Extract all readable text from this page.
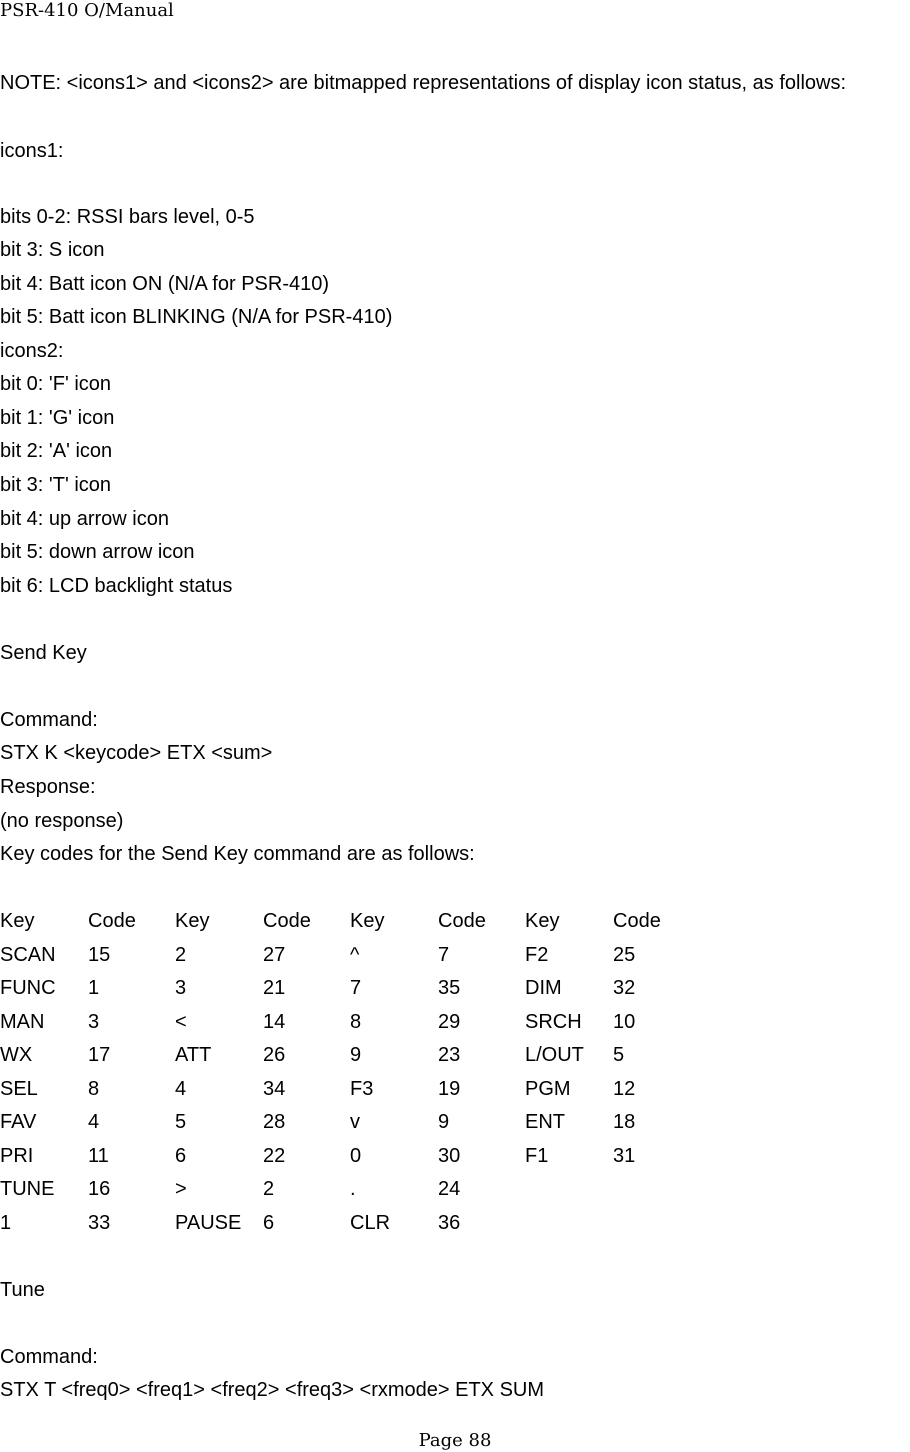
PSR-410 O/Manual
NOTE: <icons1> and <icons2> are bitmapped representations of display icon status, as follows:
icons1:
bits 0-2: RSSI bars level, 0-5
bit 3: S icon
bit 4: Batt icon ON (N/A for PSR-410)
bit 5: Batt icon BLINKING (N/A for PSR-410)
icons2:
bit 0: 'F' icon
bit 1: 'G' icon
bit 2: 'A' icon
bit 3: 'T' icon
bit 4: up arrow icon
bit 5: down arrow icon
bit 6: LCD backlight status
Send Key
Command:
STX K <keycode> ETX <sum>
Response:
(no response)
Key codes for the Send Key command are as follows:
Key	Code Key	Code Key	Code Key	Code
SCAN 15	2	27	^	7	F2	25
FUNC 1	3	21	7	35	DIM	32
MAN 3	<	14	8	29	SRCH 10
WX	17	ATT	26	9	23	L/OUT 5
SEL	8	4	34	F3	19	PGM 12
FAV	4	5	28	v	9	ENT 18
PRI	11	6	22	0	30	F1	31
TUNE 16	>	2	.	24
1	33	PAUSE 6	CLR 36
Tune
Command:
STX T <freq0> <freq1> <freq2> <freq3> <rxmode> ETX SUM
Page 88
